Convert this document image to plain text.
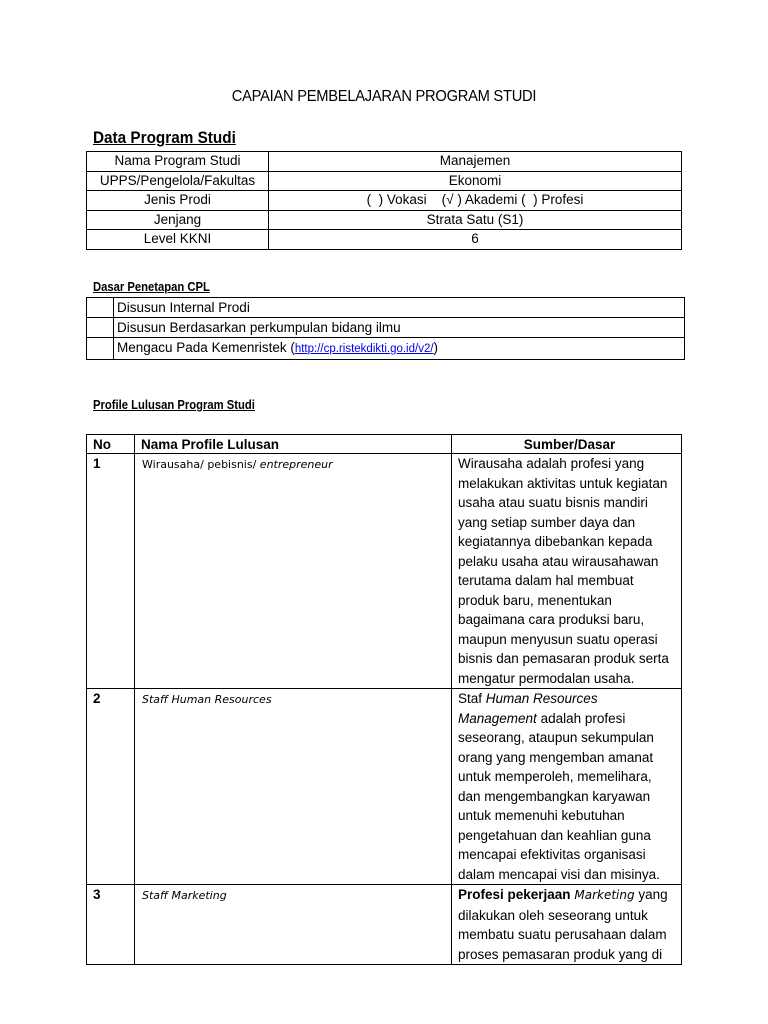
CAPAIAN PEMBELAJARAN PROGRAM STUDI
Data Program Studi
Nama Program Studi	Manajemen
UPPS/Pengelola/Fakultas	Ekonomi
Jenis Prodi	(  ) Vokasi    (√ ) Akademi (  ) Profesi
Jenjang	Strata Satu (S1)
Level KKNI	6
Dasar Penetapan CPL
	Disusun Internal Prodi
	Disusun Berdasarkan perkumpulan bidang ilmu
	Mengacu Pada Kemenristek (http://cp.ristekdikti.go.id/v2/)
Profile Lulusan Program Studi
No	Nama Profile Lulusan	Sumber/Dasar
1	Wirausaha/ pebisnis/ entrepreneur	Wirausaha adalah profesi yang melakukan aktivitas untuk kegiatan usaha atau suatu bisnis mandiri yang setiap sumber daya dan kegiatannya dibebankan kepada pelaku usaha atau wirausahawan terutama dalam hal membuat produk baru, menentukan bagaimana cara produksi baru, maupun menyusun suatu operasi bisnis dan pemasaran produk serta mengatur permodalan usaha.
2	Staff Human Resources	Staf Human Resources Management adalah profesi seseorang, ataupun sekumpulan orang yang mengemban amanat untuk memperoleh, memelihara, dan mengembangkan karyawan untuk memenuhi kebutuhan pengetahuan dan keahlian guna mencapai efektivitas organisasi dalam mencapai visi dan misinya.
3	Staff Marketing	Profesi pekerjaan Marketing yang dilakukan oleh seseorang untuk membatu suatu perusahaan dalam proses pemasaran produk yang di
